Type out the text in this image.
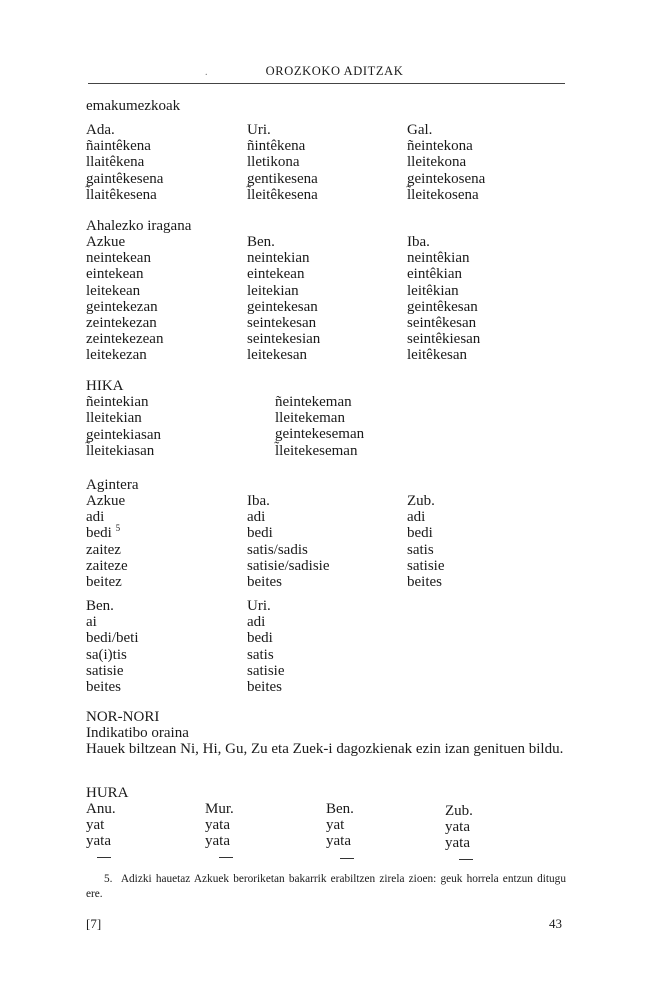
.	OROZKOKO ADITZAK
emakumezkoak
Ada.
ñaintêkena
llaitêkena
gaintêkesena
l̃laitêkesena
Uri.
ñintêkena
lletikona
gentikesena
l̃leitêkesena
Gal.
ñeintekona
lleitekona
geintekosena
l̃leitekosena
Ahalezko iragana
Azkue
neintekean
eintekean
leitekean
geintekezan
zeintekezan
zeintekezean
leitekezan
Ben.
neintekian
eintekean
leitekian
geintekesan
seintekesan
seintekesian
leitekesan
Iba.
neintêkian
eintêkian
leitêkian
geintêkesan
seintêkesan
seintêkiesan
leitêkesan
HIKA
ñeintekian
lleitekian
geintekiasan
l̃leitekiasan
ñeintekeman
lleitekeman
geintekeseman
l̃leitekeseman
Agintera
Azkue
adi
bedi $^5$
zaitez
zaiteze
beitez
Iba.
adi
bedi
satis/sadis
satisie/sadisie
beites
Zub.
adi
bedi
satis
satisie
beites
Ben.
ai
bedi/beti
sa(i)tis
satisie
beites
Uri.
adi
bedi
satis
satisie
beites
NOR-NORI
Indikatibo oraina
Hauek biltzean Ni, Hi, Gu, Zu eta Zuek-i dagozkienak ezin izan genituen bildu.
HURA
Anu.
yat
yata
Mur.
yata
yata
Ben.
yat
yata
Zub.
yata
yata
5. Adizki hauetaz Azkuek beroriketan bakarrik erabiltzen zirela zioen: geuk horrela entzun ditugu ere.
[7]	43
